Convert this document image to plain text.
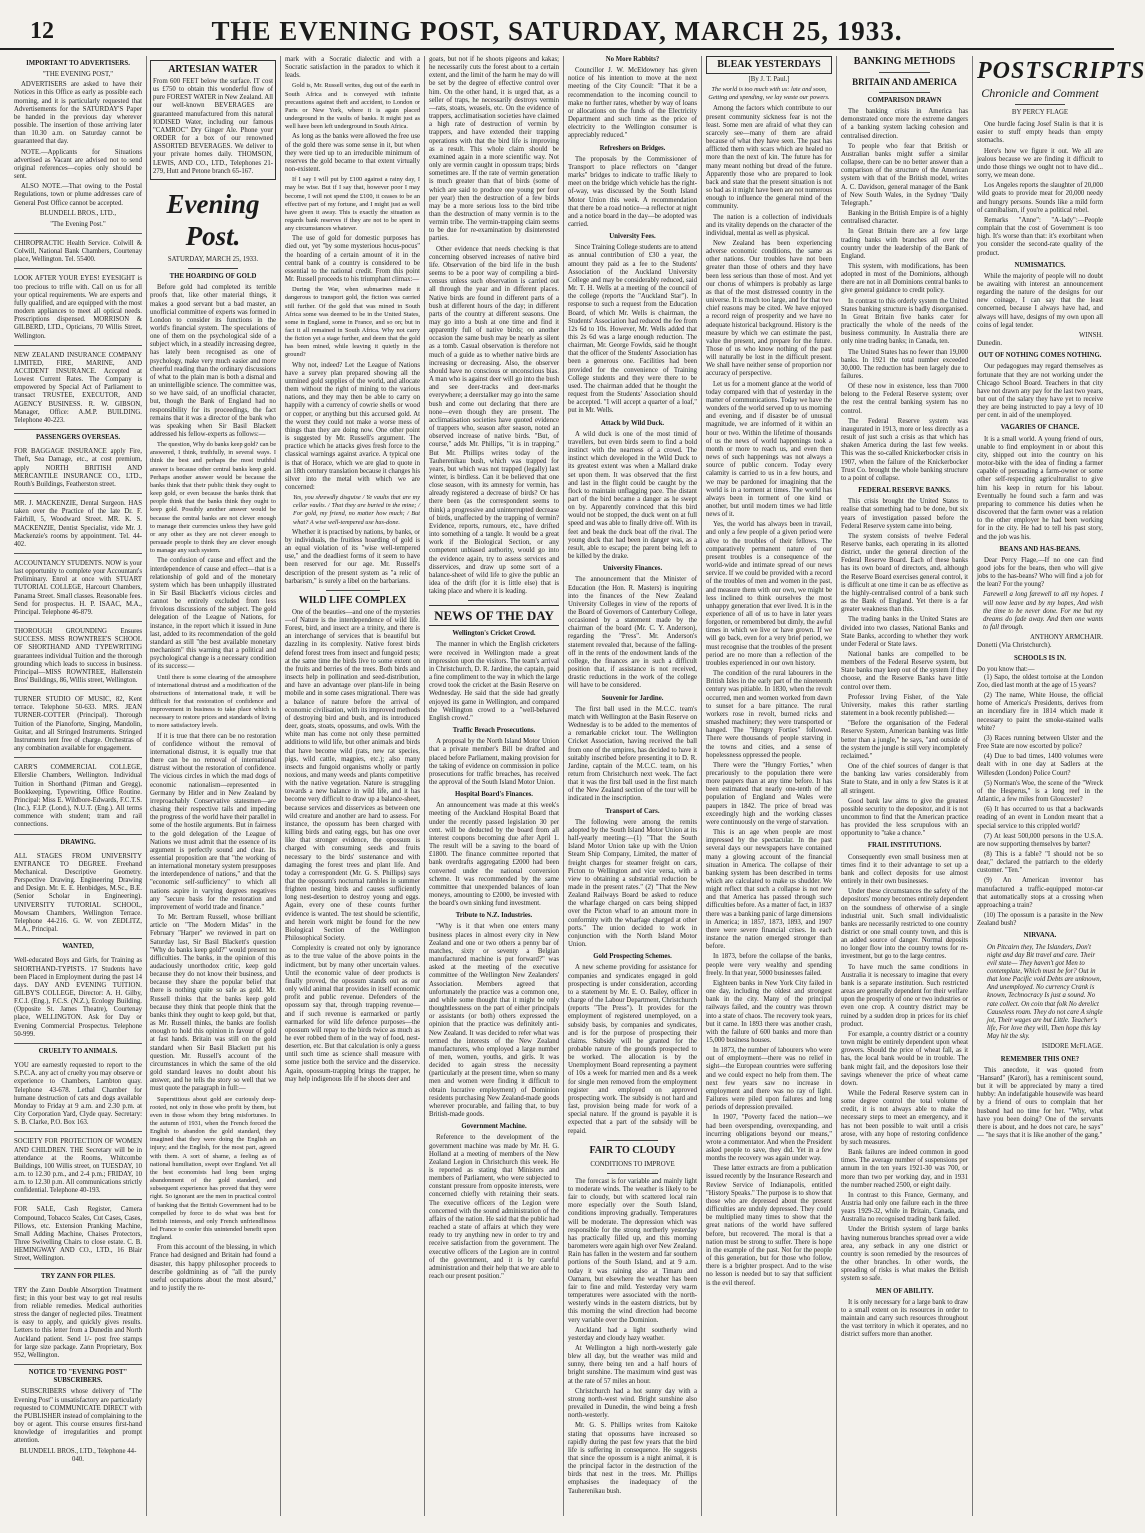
12	THE EVENING POST, SATURDAY, MARCH 25, 1933.
IMPORTANT TO ADVERTISERS.
"THE EVENING POST,"

ADVERTISERS are asked to have their Notices in this Office as early as possible each morning, and it is particularly requested that Advertisements for the SATURDAY'S Paper be handed in the previous day wherever possible. The insertion of those arriving later than 10.30 a.m. on Saturday cannot be guaranteed that day.

NOTE.—Applicants for Situations advertised as Vacant are advised not to send original references—copies only should be sent.

ALSO NOTE.—That owing to the Postal Regulations, town or plume addresses care of General Post Office cannot be accepted.

BLUNDELL BROS., LTD.,
"The Evening Post."
CHIROPRACTIC Health Service. Colwill & Colwill, National Bank Chambers, Courtenay place, Wellington. Tel. 55400.
LOOK AFTER YOUR EYES! EYESIGHT is too precious to trifle with. Call on us for all your optical requirements. We are experts and fully qualified, and are equipped with the most modern appliances to meet all optical needs. Prescriptions dispensed. MORRISON & GILBERD, LTD., Opticians, 70 Willis Street, Wellington.
NEW ZEALAND INSURANCE COMPANY LIMITED, FIRE, MARINE, AND ACCIDENT INSURANCE. Accepted at Lowest Current Rates. The Company is empowered by Special Act of Parliament to transact TRUSTEE, EXECUTOR, AND AGENCY BUSINESS. R. W. GIBSON, Manager, Office: A.M.P. BUILDING. Telephone 40-223.
PASSENGERS OVERSEAS.
FOR BAGGAGE INSURANCE apply Fire, Theft, Sea Damage, etc., at cost premium, apply NORTH BRITISH AND MERCANTILE INSURANCE CO., LTD., Routh's Buildings, Featherston street.
MR. J. MACKENZIE, Dental Surgeon. HAS taken over the Practice of the late Dr. F. Fairhill, 5, Woodward Street. MR. K. S. MACKENZIE, Dentist Specialist, vide Mr. J. Mackenzie's rooms by appointment. Tel. 44-402.
ACCOUNTANCY STUDENTS. NOW is your last opportunity to complete your Accountant's Preliminary. Enrol at once with STUART TUTORIAL COLLEGE, Harcourt Chambers, Panama Street. Small classes. Reasonable fees. Send for prospectus. H. P. ISAAC, M.A., Principal. Telephone 46-879.
THOROUGH GROUNDING Ensures SUCCESS. MISS ROWNTREE'S SCHOOL OF SHORTHAND AND TYPEWRITING guarantees individual Tuition and the thorough grounding which leads to success in business. Principal—MISS ROWNTREE, Hallenstein Bros' Buildings, 86, Willis street, Wellington.
TURNER STUDIO OF MUSIC, 82, Kent terrace. Telephone 50-633. MRS. JEAN TURNER-COTTER (Principal). Thorough Tuition of the Pianoforte, Singing, Mandolin, Guitar, and all Stringed Instruments. Stringed Instruments lent free of charge. Orchestras of any combination available for engagement.
CARR'S COMMERCIAL COLLEGE, Ellerslie Chambers, Wellington. Individual Tuition in Shorthand (Pitman and Gregg), Bookkeeping, Typewriting, Office Routine. Principal: Miss E. Wildbore-Edwards, F.C.T.S. (Inc.), F.I.P. (Lond.), N.U.T. (Eng.). All terms commence with student; tram and rail connections.
DRAWING.
ALL STAGES FROM UNIVERSITY ENTRANCE TO DEGREE. Freehand Mechanical. Descriptive Geometry. Perspective Drawing. Engineering Drawing and Design. Mr. E. E. Henbidges, M.Sc., B.E. (Senior Scholar in Engineering). UNIVERSITY TUTORIAL SCHOOL, Mowsam Chambers, Wellington Terrace. Telephone 44-216. G. W. von ZEDLITZ, M.A., Principal.
WANTED,
Well-educated Boys and Girls, for Training as SHORTHAND-TYPISTS. 17 Students have been Placed in Employment during the past 14 days. DAY AND EVENING TUITION. GILBY'S COLLEGE, Director: A. H. Gilby, F.C.I. (Eng.), F.C.S. (N.Z.), Ecology Building. (Opposite St. James Theatre), Courtenay place, WELLINGTON. Ask for Day or Evening Commercial Prospectus. Telephone 50-999.
CRUELTY TO ANIMALS.
YOU are earnestly requested to report to the S.P.C.A. any act of cruelty you may observe or experience to Chambers, Lambton quay. Telephone 43-678. Lethal Chamber for humane destruction of cats and dogs available Monday to Friday at 9 a.m. and 2.30 p.m. at City Corporation Yard, Clyde quay. Secretary: S. B. Clarke, P.O. Box 163.
SOCIETY FOR PROTECTION OF WOMEN AND CHILDREN. THE Secretary will be in attendance at the Rooms, Whitcombe Buildings, 100 Willis street, on TUESDAY, 10 a.m. to 12.30 p.m., and 2-4 p.m.; FRIDAY, 10 a.m. to 12.30 p.m. All communications strictly confidential. Telephone 40-193.
FOR SALE, Cash Register, Camera Compound, Tobacco Scales, Cut Cases, Cases, Pillows, etc. Extension Pranking Machine, Small Adding Machine, Chaises Protectors, Three Swivelling Chairs to close estate. C. B. HEMINGWAY AND CO., LTD., 16 Blair Street, Wellington.
TRY ZANN FOR PILES.
TRY the Zann Double Absorption Treatment first; in this your best way to get real results from reliable remedies. Medical authorities stress the danger of neglected piles. Treatment is easy to apply, and quickly gives results. Letters to this letter from a Dunedin and North Auckland patient. Send 1/- post free stamps for large size package. Zann Proprietary, Box 952, Wellington.
NOTICE TO "EVENING POST" SUBSCRIBERS.

SUBSCRIBERS whose delivery of "The Evening Post" is unsatisfactory are particularly requested to COMMUNICATE DIRECT with the PUBLISHER instead of complaining to the boy or agent. This course ensures first-hand knowledge of irregularities and prompt attention.

BLUNDELL BROS., LTD., Telephone 44-040.
ARTESIAN WATER
From 600 FEET below the surface. IT cost us £750 to obtain this wonderful flow of pure FOREST WATER in New Zealand. All our well-known BEVERAGES are guaranteed manufactured from this natural IODISED Water, including our famous "CAMROC" Dry Ginger Ale. Phone your ORDER for a box of our renowned ASSORTED BEVERAGES. We deliver to your private homes daily. THOMSON, LEWIS, AND CO., LTD., Telephones 21-279, Hutt and Petone branch 65-167.
Evening Post.
SATURDAY, MARCH 25, 1933.
THE HOARDING OF GOLD

Before gold had completed its terrible proofs that, like other material things, it makes a good servant but a bad master, an unofficial committee of experts was formed in London to consider its functions in the world's financial system. The speculations of one of them on the psychological side of a subject which, in a steadily increasing degree, has lately been recognised as one of psychology, make very much easier and more cheerful reading than the ordinary discussions of what to the plain man is both a dismal and an unintelligible science. The committee was, so we have said, of an unofficial character, but, though the Bank of England had no responsibility for its proceedings, the fact remains that it was a director of the bank who was speaking when Sir Basil Blackett addressed his fellow-experts as follows:—

The question, Why do banks keep gold? can be answered, I think, truthfully, in several ways. I think the best and perhaps the most truthful answer is because other central banks keep gold. Perhaps another answer would be because the banks think that their public think they ought to keep gold, or even because the banks think that people think that the banks think they ought to keep gold. Possibly another answer would be because the central banks are not clever enough to manage their currencies unless they have gold or any other as they are not clever enough to persuade people to think they are clever enough to manage any such system.

The confusion of cause and effect and the interdependence of cause and effect—that is a relationship of gold and of the monetary system which has been unhappily illustrated in Sir Basil Blackett's vicious circles and cannot be entirely excluded from less frivolous discussions of the subject. The gold delegation of the League of Nations, for instance, in the report which it issued in June last, added to its recommendation of the gold standard as still "the best available monetary mechanism" this warning that a political and psychological change is a necessary condition of its success:—

Until there is some clearing of the atmosphere of international distrust and a modification of the obstructions of international trade, it will be difficult for that restoration of confidence and improvement in business to take place which is necessary to restore prices and standards of living to more satisfactory levels.

If it is true that there can be no restoration of confidence without the removal of international distrust, it is equally true that there can be no removal of international distrust without the restoration of confidence. The vicious circles in which the mad dogs of economic nationalism—represented in Germany by Hitler and in New Zealand by irreproachably Conservative statesmen—are chasing their respective tails and impeding the progress of the world have their parallel in some of the hostile arguments. But in fairness to the gold delegation of the League of Nations we must admit that the essence of its argument is perfectly sound and clear. Its essential proposition are that "the working of an international monetary system presupposes the interdependence of nations," and that the "economic self-sufficiency" to which all nations aspire in varying degrees negatives any "secure basis for the restoration and improvement of world trade and finance."

To Mr. Bertram Russell, whose brilliant article on "The Modern Midas" in the February "Harper" we reviewed in part on Saturday last, Sir Basil Blackett's question "Why do banks keep gold?" would present no difficulties. The banks, in the opinion of this audaciously unorthodox critic, keep gold because they do not know their business, and because they share the popular belief that there is nothing quite so safe as gold. Mr. Russell thinks that the banks keep gold because they think that people think that the banks think they ought to keep gold, but that, as Mr. Russell thinks, the banks are foolish enough to hold this opinion in favour of gold at fast hands. Britain was still on the gold standard when Sir Basil Blackett put his question. Mr. Russell's account of the circumstances in which the same of the old gold standard leaves no doubt about his answer, and he tells the story so well that we must quote the paragraph in full:—

Superstitious about gold are curiously deep-rooted, not only in those who profit by them, but even in those whom they bring misfortunes. In the autumn of 1931, when the French forced the English to abandon the gold standard, they imagined that they were doing the English an injury; and the English, for the most part, agreed with them. A sort of shame, a feeling as of national humiliation, swept over England. Yet all the best economists had long been urging abandonment of the gold standard, and subsequent experience has proved that they were right. So ignorant are the men in practical control of banking that the British Government had to be compelled by force to do what was best for British interests, and only French unfriendliness led France to confer this unintended benefit upon England.

From this account of the blessing, in which France had designed and Britain had found a disaster, this happy philosopher proceeds to describe goldmining as of "all the purely useful occupations about the most absurd," and to justify the re-

mark with a Socratic dialectic and with a Socratic satisfaction in the paradox to which it leads.

Gold is, Mr. Russell writes, dug out of the earth in South Africa and is conveyed with infinite precautions against theft and accident, to London or Paris or New York, where it is again placed underground in the vaults of banks. It might just as well have been left underground in South Africa.

As long as the banks were allowed the free use of the gold there was some sense in it, but when they were tied up to an irreducible minimum of reserves the gold became to that extent virtually non-existent.

If I say I will put by £100 against a rainy day, I may be wise. But if I say that, however poor I may become, I will not spend the £100, it ceases to be an effective part of my fortune, and I might just as well have given it away. This is exactly the situation as regards bank reserves if they are not to be spent in any circumstances whatever.

The use of gold for domestic purposes has died out, yet "by some mysterious hocus-pocus" the hoarding of a certain amount of it in the central bank of a country is considered to be essential to the national credit. From this point Mr. Russell proceeds to his triumphant climax:—

During the War, when submarines made it dangerous to transport gold, the fiction was carried still further. Of the gold that was mined in South Africa some was deemed to be in the United States, some in England, some in France, and so on; but in fact it all remained in South Africa. Why not carry the fiction yet a stage further, and deem that the gold has been mined, while leaving it quietly in the ground?

Why not, indeed? Let the League of Nations have a survey plan prepared showing all the unmined gold supplies of the world, and allocate them without the right of mining to the various nations, and they may then be able to carry on happily with a currency of cowrie shells or wood or copper, or anything but this accursed gold. At the worst they could not make a worse mess of things than they are doing now. One other point is suggested by Mr. Russell's argument. The practice which he attacks gives fresh force to the classical warnings against avarice. A typical one is that of Horace, which we are glad to quote in an 18th century translation because it changes his silver into the metal with which we are concerned:

Yes, you shrewdly disguise / Ye vaults that are my cellar vaults. / That they are buried in the mine; / For gold, my friend, no matter how much; / But what? A wise well-tempered use has-done.

Whether it is practised by nations, by banks, or by individuals, the fruitless hoarding of gold is an equal violation of its "wise well-tempered use," and the deadliest forms of it seem to have been reserved for our age. Mr. Russell's description of the present system as "a relic of barbarism," is surely a libel on the barbarians.

WILD LIFE COMPLEX

One of the beauties—and one of the mysteries—of Nature is the interdependence of wild life. Forest, bird, and insect are a trinity, and there is an interchange of services that is beautiful but dazzling in its complexity. Native forest birds defend forest trees from insect and fungoid pests; at the same time the birds live to some extent on the fruits and berries of the trees. Both birds and insects help in pollination and seed-distribution, and have an advantage over plant-life in being mobile and in some cases migrational. There was a balance of nature before the arrival of economic civilisation, with its improved methods of destroying bird and bush, and its introduced deer, goats, stoats, opossums, and owls. With the white man has come not only these permitted additions to wild life, but other animals and birds that have become wild (rats, new rat species, pigs, wild cattle, magpies, etc.); also many insects and fungoid organisms wholly or partly noxious, and many weeds and plants competitive with the native vegetation. Nature is struggling towards a new balance in wild life, and it has become very difficult to draw up a balance-sheet, because services and disservices as between one wild creature and another are hard to assess. For instance, the opossum has been charged with killing birds and eating eggs, but has one over like that stronger evidence, the opossum is charged with consuming seeds and fruits necessary to the birds' sustenance and with damaging the forest trees and plant life. And today a correspondent (Mr. G. S. Phillips) says that the opossum's nocturnal rambles in summer frighten nesting birds and causes sufficiently long nest-desertion to destroy young and eggs. Again, every one of these counts further evidence is wanted. The test should be scientific, and herein work might be found for the new Biological Section of the Wellington Philosophical Society.

Complexity is created not only by ignorance as to the true value of the above points in the indictment, but by many other uncertain values. Until the economic value of deer products is finally proved, the opossum stands out as our only wild animal that provides in itself economic profit and public revenue. Defenders of the opossum say that, through trapping revenue—and if such revenue is earmarked or partly earmarked for wild life defence purposes—the opossum will repay to the birds twice as much as he ever robbed them of in the way of food, nest-desertion, etc. But that calculation is only a guess until such time as science shall measure with some justice both the service and the disservice. Again, opossum-trapping brings the trapper, he may help indigenous life if he shoots deer and

goats, but not if he shoots pigeons and kakas; he necessarily cuts the forest about to a certain extent, and the limit of the harm he may do will be set by the degree of effective control over him. On the other hand, it is urged that, as a seller of traps, he necessarily destroys vermin—rats, stoats, weasels, etc. On the evidence of trappers, acclimatisation societies have claimed a high rate of destruction of vermin by trappers, and have extended their trapping operations with that the bird life is improving as a result. This whole claim should be examined again in a more scientific way. Not only are vermin caught in opossum traps; birds sometimes are. If the rate of vermin generation is much greater than that of birds (some of which are said to produce one young per four per year) then the destruction of a few birds may be a more serious loss to the bird tribe than the destruction of many vermin is to the vermin tribe. The vermin-trapping claim seems to be due for re-examination by disinterested parties.

Other evidence that needs checking is that concerning observed increases of native bird life. Observation of the bird life in the bush seems to be a poor way of compiling a bird-census unless such observation is carried out all through the year and in different places. Native birds are found in different parts of a bush at different hours of the day; in different parts of the country at different seasons. One may go into a bush at one time and find it apparently full of native birds; on another occasion the same bush may be nearly as silent as a tomb. Casual observation is therefore not much of a guide as to whether native birds are increasing or decreasing. Also, the observer should have no conscious or unconscious bias. A man who is against deer will go into the bush and see deer-tracks and deer-marks everywhere; a deerstalker may go into the same bush and come out declaring that there are none—even though they are present. The acclimatisation societies have quoted evidence of trappers who, season after season, noted an observed increase of native birds. "But, of course," adds Mr. Phillips, "it is in trapping." But Mr. Phillips writes today of the Tauherenikau bush, which was trapped for years, but which was not trapped (legally) last winter, is birdless. Can it be believed that one close season, with its amnesty for vermin, has already registered a decrease of birds? Or has there been (as the correspondent seems to think) a progressive and uninterrupted decrease of birds, unaffected by the trapping of vermin? Evidence, reports, rumours, etc., have drifted into something of a tangle. It would be a great work if the Biological Section, or any competent unbiased authority, would go into the evidence again, try to assess services and disservices, and draw up some sort of a balance-sheet of wild life to give the public an idea of the drift (for it is little else) that is taking place and where it is leading.

NEWS OF THE DAY
Wellington's Cricket Crowd.

The manner in which the English cricketers were received in Wellington made a great impression upon the visitors. The team's arrival in Christchurch, D. R. Jardine, the captain, paid a fine compliment to the way in which the large crowd took the cricket at the Basin Reserve on Wednesday. He said that the side had greatly enjoyed its game in Wellington, and compared the Wellington crowd to a "well-behaved English crowd."

Traffic Breach Prosecutions.

A proposal by the North Island Motor Union that a private member's Bill be drafted and placed before Parliament, making provision for the taking of evidence on commission in police prosecutions for traffic breaches, has received the approval of the South Island Motor Union.

Hospital Board's Finances.

An announcement was made at this week's meeting of the Auckland Hospital Board that under the recently passed legislation 30 per cent. will be deducted by the board from all interest coupons becoming due after April 1. The result will be a saving to the board of £1800. The finance committee reported that bank overdrafts aggregating £2000 had been converted under the national conversion scheme. It was recommended by the same committee that unexpended balances of loan moneys, amounting to £2000, be invested with the board's own sinking fund investment.

Tribute to N.Z. Industries.

"Why is it that when one enters many business places in almost every city in New Zealand and one or two others a penny bar of matches, sixty or seventy a Belgian manufactured machine is put forward?" was asked at the meeting of the executive committee of the Wellington New Zealanders' Association. Members agreed that unfortunately the practice was a common one, and while some thought that it might be only thoughtlessness on the part of either principals or assistants (or both) others expressed the opinion that the practice was definitely anti-New Zealand. It was decided to refer what was termed the interests of the New Zealand manufacturers, who employed a large number of men, women, youths, and girls. It was decided to again stress the necessity (particularly at the present time, when so many men and women were finding it difficult to obtain lucrative employment) of Dominion residents purchasing New Zealand-made goods wherever procurable, and failing that, to buy British-made goods.

Government Machine.

Reference to the development of the government machine was made by Mr. H. G. Holland at a meeting of members of the New Zealand Legion in Christchurch this week. He is reported as stating that Ministers and members of Parliament, who were subjected to constant pressure from opposite interests, were concerned chiefly with retaining their seats. The executive officers of the Legion were concerned with the sound administration of the affairs of the nation. He said that the public had reached a state of affairs at which they were ready to try anything new in order to try and receive satisfaction from the government. The executive officers of the Legion are in control of the government, and it is by careful administration and their help that we are able to reach our present position."

No More Rabbits?

Councillor J. W. McEldowney has given notice of his intention to move at the next meeting of the City Council: "That it be a recommendation to the incoming council to make no further rates, whether by way of loans or allocations on the funds of the Electricity Department and such time as the price of electricity to the Wellington consumer is appreciably reduced."

Refreshers on Bridges.

The proposals by the Commissioner of Transport to place reflectors on "danger marks" bridges to indicate to traffic likely to meet on the bridge which vehicle has the right-of-way, was discussed by the South Island Motor Union this week. A recommendation that there be a road notice—a reflector at night and a notice board in the day—be adopted was carried.

University Fees.

Since Training College students are to attend as annual contribution of £30 a year, the amount they paid as a fee to the Students' Association of the Auckland University College and may be considerably reduced, said Mr. T. H. Wells at a meeting of the council of the college (reports the "Auckland Star"). In response to such a request from the Education Board, of which Mr. Wells is chairman, the Students' Association had reduced the fee from 12s 6d to 10s. However, Mr. Wells added that this 2s 6d was a large enough reduction. The chairman, Mr. George Fowlds, said he thought that the officer of the Students' Association has been a generous one. Facilities had been provided for the convenience of Training College students and they were there to be used. The chairman added that he thought the request from the Students' Association should be accepted. "I will accept a quarter of a loaf," put in Mr. Wells.

Attack by Wild Duck.

A wild duck is one of the most timid of travellers, but even birds seem to find a bold instinct with the nearness of a crowd. The instinct which developed in the Wild Duck to its greatest extent was when a Mallard drake set upon them. It was observed that the first and last in the flight could be caught by the flock to maintain unflagging pace. The distant part of the bird became a danger as he swept on by. Apparently convinced that this bird would not be stopped, the duck went on at full speed and was able to finally drive off. With its feet and beak the duck beat off the rival. The young duck that had been in danger was, as a result, able to escape; the parent being left to be killed by the drake.

University Finances.

The announcement that the Minister of Education (the Hon. R. Masters) is inquiring into the finances of the New Zealand University Colleges in view of the reports of the Board of Governors of Canterbury College, occasioned by a statement made by the chairman of the board (Mr. C. Y. Anderson), regarding the "Press". Mr. Anderson's statement revealed that, because of the falling-off in the rents of the endowment lands of the college, the finances are in such a difficult position that, if assistance is not received, drastic reductions in the work of the college will have to be considered.

Souvenir for Jardine.

The first ball used in the M.C.C. team's match with Wellington at the Basin Reserve on Wednesday is to be added to the mementos of a remarkable cricket tour. The Wellington Cricket Association, having received the ball from one of the umpires, has decided to have it suitably inscribed before presenting it to D. R. Jardine, captain of the M.C.C. team, on his return from Christchurch next week. The fact that it was the first ball used in the first match of the New Zealand section of the tour will be indicated in the inscription.

Transport of Cars.

The following were among the remits adopted by the South Island Motor Union at its half-yearly meeting:—(1) "That the South Island Motor Union take up with the Union Steam Ship Company, Limited, the matter of freight charges for steamer freight on cars, Picton to Wellington and vice versa, with a view to obtaining a substantial reduction be made in the present rates." (2) "That the New Zealand Railways Board be asked to reduce the wharfage charged on cars being shipped over the Picton wharf to an amount more in conformity with the wharfage charged at other ports." The union decided to work in conjunction with the North Island Motor Union.

Gold Prospecting Schemes.

A new scheme providing for assistance for companies and syndicates engaged in gold prospecting is under consideration, according to a statement by Mr. E. O. Bailey, officer in charge of the Labour Department, Christchurch (reports "The Press"). It provides for the employment of registered unemployed, on a subsidy basis, by companies and syndicates, and is for the purpose of prospecting their claims. Subsidy will be granted for the probable nature of the grounds prospected to be worked. The allocation is by the Unemployment Board representing a payment of 10s a week for married men and 8s a week for single men removed from the employment register and employed on approved prospecting work. The subsidy is not hard and fast, provision being made for work of a special nature. If the ground is payable it is expected that a part of the subsidy will be repaid.

FAIR TO CLOUDY
CONDITIONS TO IMPROVE

The forecast is for variable and mainly light to moderate winds. The weather is likely to be fair to cloudy, but with scattered local rain more especially over the South Island, conditions improving gradually. Temperatures will be moderate. The depression which was responsible for the strong northerly yesterday has practically filled up, and this morning barometers were again high over New Zealand. Rain has fallen in the western and far southern portions of the South Island, and at 9 a.m. today it was raining also at Timaru and Oamaru, but elsewhere the weather has been fair to fine and mild. Yesterday very warm temperatures were associated with the north-westerly winds in the eastern districts, but by this morning the wind direction had become very variable over the Dominion.

Auckland had a light southerly wind yesterday and cloudy hazy weather.

At Wellington a high north-westerly gale blew all day, but the weather was mild and sunny, there being ten and a half hours of bright sunshine. The maximum wind gust was at the rate of 57 miles an hour.

Christchurch had a hot sunny day with a strong north-west wind. Bright sunshine also prevailed in Dunedin, the wind being a fresh north-westerly.

Mr. G. S. Phillips writes from Kaitoke stating that opossums have increased so rapidly during the past few years that the bird life is suffering in consequence. He suggests that since the opossum is a night animal, it is the principal factor in the destruction of the birds that nest in the trees. Mr. Phillips emphasises the inadequacy of the Tauherenikau bush.

BLEAK YESTERDAYS
[By J. T. Paul.]
The world is too much with us: late and soon, Getting and spending, we lay waste our powers.

Among the factors which contribute to our present community sickness fear is not the least. Some men are afraid of what they can scarcely see—many of them are afraid because of what they have seen. The past has afflicted them with scars which are healed no more than the next of kin. The future has for many meant nothing but dread of the future. Apparently those who are prepared to look back and state that the present situation is not so bad as it might have been are not numerous enough to influence the general mind of the community.

The nation is a collection of individuals and its vitality depends on the character of the individual, mental as well as physical.

New Zealand has been experiencing adverse economic conditions, the same as other nations. Our troubles have not been greater than those of others and they have been less serious than those of most. And yet our chorus of whimpers is probably as large as that of the most distressed country in the universe. It is much too large, and for that two chief reasons may be cited. We have enjoyed a record reign of prosperity and we have no adequate historical background. History is the measure by which we can estimate the past, value the present, and prepare for the future. Those of us who know nothing of the past will naturally be lost in the difficult present. We shall have neither sense of proportion nor accuracy of perspective.

Let us for a moment glance at the world of today compared with that of yesterday in the matter of communications. Today we have the wonders of the world served up to us morning and evening, and if disaster be of unusual magnitude, we are informed of it within an hour or two. Within the lifetime of thousands of us the news of world happenings took a month or more to reach us, and even then news of such happenings was not always a source of public concern. Today every calamity is carried to us in a few hours, and we may be pardoned for imagining that the world is in a torment at times. The world has always been in torment of one kind or another, but until modern times we had little news of it.

Yes, the world has always been in travail, and only a few people of a given period were alive to the troubles of their fellows. The comparatively permanent nature of our present troubles is a consequence of the world-wide and intimate spread of our news service. If we could be provided with a record of the troubles of men and women in the past, and measure them with our own, we might be less inclined to think ourselves the most unhappy generation that ever lived. It is in the experience of all of us to have in later years forgotten, or remembered but dimly, the awful times in which we live or have grown. If we will go back, even for a very brief period, we must recognise that the troubles of the present period are no more than a reflection of the troubles experienced in our own history.

The condition of the rural labourers in the British Isles in the early part of the nineteenth century was pitiable. In 1830, when the revolt occurred, men and women worked from dawn to sunset for a bare pittance. The rural workers rose in revolt, burned ricks and smashed machinery; they were transported or hanged. The "Hungry Forties" followed. There were thousands of people starving in the towns and cities, and a sense of hopelessness oppressed the people.

There were the "Hungry Forties," when precariously to the population there were more paupers than at any time before. It has been estimated that nearly one-tenth of the population of England and Wales were paupers in 1842. The price of bread was exceedingly high and the working classes were continuously on the verge of starvation.

This is an age when people are most impressed by the spectacular. In the past several days our newspapers have contained many a glowing account of the financial situation in America. The collapse of their banking system has been described in terms which are calculated to make us shudder. We might reflect that such a collapse is not new and that America has passed through such difficulties before. As a matter of fact, in 1837 there was a banking panic of large dimensions in America; in 1857, 1873, 1893, and 1907 there were severe financial crises. In each instance the nation emerged stronger than before.

In 1873, before the collapse of the banks, people were very wealthy and spending freely. In that year, 5000 businesses failed.

Eighteen banks in New York City failed in one day, including the oldest and strongest bank in the city. Many of the principal railways failed, and the country was thrown into a state of chaos. The recovery took years, but it came. In 1893 there was another crash, with the failure of 600 banks and more than 15,000 business houses.

In 1873, the number of labourers who were out of employment—there was no relief in sight—the European countries were suffering and we could expect no help from them. The next few years saw no increase in employment and there was no ray of light. Failures were piled upon failures and long periods of depression prevailed.

In 1907, "Poverty faced the nation—we had been overspending, overexpanding, and incurring obligations beyond our means," wrote a commentator. And when the President asked people to save, they did. Yet in a few months the recovery was again under way.

These latter extracts are from a publication issued recently by the Insurance Research and Review Service of Indianapolis, entitled "History Speaks." The purpose is to show that those who are depressed about the present difficulties are unduly depressed. They could be multiplied many times to show that the great nations of the world have suffered before, but recovered. The moral is that a nation must be strong to suffer. There is hope in the example of the past. Not for the people of this generation, but for those who follow, there is a brighter prospect. And to the wise no lesson is needed but to say that sufficient is the evil thereof.

BANKING METHODS
BRITAIN AND AMERICA
COMPARISON DRAWN

The banking crisis in America has demonstrated once more the extreme dangers of a banking system lacking cohesion and centralised direction.

To people who fear that British or Australian banks might suffer a similar collapse, there can be no better answer than a comparison of the structure of the American system with that of the British model, writes A. C. Davidson, general manager of the Bank of New South Wales, in the Sydney "Daily Telegraph."

Banking in the British Empire is of a highly centralised character.

In Great Britain there are a few large trading banks with branches all over the country under the leadership of the Bank of England.

This system, with modifications, has been adopted in most of the Dominions, although there are not in all Dominions central banks to give general guidance to credit policy.

In contrast to this orderly system the United States banking structure is badly disorganised. In Great Britain five banks cater for practically the whole of the needs of the business community. In Australia there are only nine trading banks; in Canada, ten.

The United States has no fewer than 19,000 banks. In 1921 the total number exceeded 30,000. The reduction has been largely due to failures.

Of these now in existence, less than 7000 belong to the Federal Reserve system; over the rest the central banking system has no control.

The Federal Reserve system was inaugurated in 1913, more or less directly as a result of just such a crisis as that which has shaken America during the last few weeks. This was the so-called Knickerbocker crisis in 1907, when the failure of the Knickerbocker Trust Co. brought the whole banking structure to a point of collapse.

FEDERAL RESERVE BANKS.

This crisis brought the United States to realise that something had to be done, but six years of investigation passed before the Federal Reserve system came into being.

The system consists of twelve Federal Reserve banks, each operating in its allotted district, under the general direction of the Federal Reserve Board. Each of these banks has its own board of directors, and, although the Reserve Board exercises general control, it is difficult at one time it can be as effective as the highly-centralised control of a bank such as the Bank of England. Yet there is a far greater weakness than this.

The trading banks in the United States are divided into two classes, National Banks and State Banks, according to whether they work under Federal or State laws.

National banks are compelled to be members of the Federal Reserve system, but State banks may keep out of the system if they choose, and the Reserve Banks have little control over them.

Professor Irving Fisher, of the Yale University, makes this rather startling statement in a book recently published:—

"Before the organisation of the Federal Reserve System, American banking was little better than a jungle," he says, "and outside of the system the jungle is still very incompletely reclaimed."

One of the chief sources of danger is that the banking law varies considerably from State to State, and in only a few States is it at all stringent.

Good bank law aims to give the greatest possible security to the depositor, and it is not uncommon to find that the American practice has provided the less scrupulous with an opportunity to "take a chance."

FRAIL INSTITUTIONS.

Consequently even small business men at times find it to their advantage to set up a bank and collect deposits for use almost entirely in their own businesses.

Under these circumstances the safety of the depositors' money becomes entirely dependent on the soundness of otherwise of a single industrial unit. Such small individualistic banks are necessarily restricted to one country district or one small county town, and this is an added source of danger. Normal deposits no longer flow into the country towns for re-investment, but go to the large centres.

To have much the same conditions in Australia it is necessary to imagine that every bank is a separate institution. Such restricted areas are generally dependent for their welfare upon the prosperity of one or two industries or even one crop. A country district may be ruined by a sudden drop in prices for its chief product.

For example, a country district or a country town might be entirely dependent upon wheat growers. Should the price of wheat fall, as it has, the local bank would be in trouble. The bank might fail, and the depositors lose their savings whenever the price of wheat came down.

While the Federal Reserve system can in some degree control the total volume of credit, it is not always able to make the necessary steps to meet an emergency, and it has not been possible to wait until a crisis arose, with any hope of restoring confidence by such measures.

Bank failures are indeed common in good times. The average number of suspensions per annum in the ten years 1921-30 was 700, or more than two per working day, and in 1931 the number reached 2500, or eight daily.

In contrast to this France, Germany, and Austria had only one failure each in the three years 1929-32, while in Britain, Canada, and Australia no recognised trading bank failed.

Under the British system of large banks having numerous branches spread over a wide area, any setback in any one district or country is soon remedied by the resources of the other branches. In other words, the spreading of risks is what makes the British system so safe.

MEN OF ABILITY.

It is only necessary for a large bank to draw to a small extent on its resources in order to maintain and carry such resources throughout the vast territory in which it operates, and no district suffers more than another.

POSTSCRIPTS
Chronicle and Comment
BY PERCY FLAGE

One hurdle facing Josef Stalin is that it is easier to stuff empty heads than empty stomachs.

Here's how we figure it out. We all are jealous because we are finding it difficult to undo those things we ought not to have did... sorry, we mean done.

Los Angeles reports the slaughter of 20,000 wild goats to provide meat for 20,000 needy and hungry persons. Sounds like a mild form of cannibalism, if you're a political rebel.

Remarks "Anne": "A-lady":—People complain that the cost of Government is too high. It's worse than that: it's exorbitant when you consider the second-rate quality of the product.

NUMISMATICS.

While the majority of people will no doubt be awaiting with interest an announcement regarding the nature of the designs for our new coinage, I can say that the least concerned, because I always have had, and always will have, designs of my own upon all coins of legal tender.

WINSH.
Dunedin.
OUT OF NOTHING COMES NOTHING.

Our pedagogues may regard themselves as fortunate that they are not working under the Chicago School Board. Teachers in that city have not drawn any pay for the last two years, but out of the salary they have yet to receive they are being instructed to pay a levy of 10 per cent. in aid of the unemployed.

VAGARIES OF CHANCE.

It is a small world. A young friend of ours, unable to find employment in or about this city, shipped out into the country on his motor-bike with the idea of finding a farmer capable of persuading a farm-owner or some other self-respecting agriculturalist to give him his keep in return for his labour. Eventually he found such a farm and was preparing to commence his duties when he discovered that the farm owner was a relation to the other employer he had been working for in the city. He had to tell his past story, and the job was his.

BEANS AND HAS-BEANS.

Dear Percy Flage,—If no one can find good jobs for the beans, then who will give jobs to the has-beans? Who will find a job for the lean? For the young?

Farewell a long farewell to all my hopes. I will now leave and by my hopes, And wish the time to be never done. For me but my dreams do fade away. And then one wants to fall through.

ANTHONY ARMCHAIR.
Donetti (Via Christchurch).
SCHOOLS IS IN.
Do you know that:—

(1) Sapo, the oldest tortoise at the London Zoo, died last month at the age of 15 years?

(2) The name, White House, the official home of America's Presidents, derives from an incendiary fire in 1814 which made it necessary to paint the smoke-stained walls white?

(3) Races running between Ulster and the Free State are now escorted by police?

(4) Due to bad times, 1400 volumes were dealt with in one day at Sadlers at the Willesden (London) Police Court?

(5) Norman's Woe, the scene of the "Wreck of the Hesperus," is a long reef in the Atlantic, a few miles from Gloucester?

(6) It has occurred to us that a backwards reading of an event in London meant that a special service to this crippled world?

(7) At least 500,000 persons in the U.S.A. are now supporting themselves by barter?

(8) This is a fable? "I should not be so dear," declared the patriarch to the elderly customer. "Ten."

(9) An American inventor has manufactured a traffic-equipped motor-car that automatically stops at a crossing when approaching a train?

(10) The opossum is a parasite in the New Zealand bush?

NIRVANA.

On Pitcairn they, The Islanders, Don't night and day Bit travel and care. Their evil state— They haven't got Men to contemplate, Which must be for? Out in that lone Pacific void Debts are unknown, And unemployed. No currency Crank is known, Technocracy Is just a sound. No rate collect. On coin that folk No derelict Causeless roam. They do not care A single jot, Their wages are but Little. Teacher's life, For love they will, Then hope this lay May hit the sky.

ISIDORE McFLAGE.
REMEMBER THIS ONE?

This anecdote, it was quoted from "Hansard" (Karori), has a reminiscent sound, but it will be appreciated by many a tired hubby: An indefatigable housewife was heard by a friend of ours to complain that her husband had no time for her. "Why, what have you been doing? One of the servants there is about, and he does not care, he says" — "he says that it is like another of the gang."
